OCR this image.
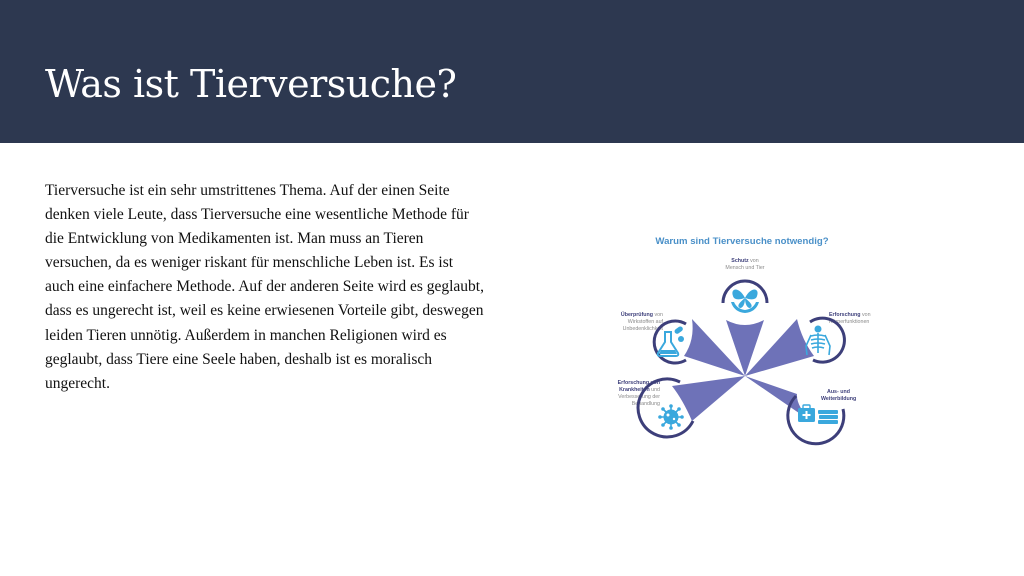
Was ist Tierversuche?

Tierversuche ist ein sehr umstrittenes Thema. Auf der einen Seite denken viele Leute, dass Tierversuche eine wesentliche Methode für die Entwicklung von Medikamenten ist. Man muss an Tieren versuchen, da es weniger riskant für menschliche Leben ist. Es ist auch eine einfachere Methode. Auf der anderen Seite wird es geglaubt, dass es ungerecht ist, weil es keine erwiesenen Vorteile gibt, deswegen leiden Tieren unnötig. Außerdem in manchen Religionen wird es geglaubt, dass Tiere eine Seele haben, deshalb ist es moralisch ungerecht.

Warum sind Tierversuche notwendig?
Schutz von
Mensch und Tier
Überprüfung von
Wirkstoffen auf
Unbedenklichkeit
Erforschung von
Körperfunktionen
Erforschung von
Krankheiten und
Verbesserung der
Behandlung
Aus- und
Weiterbildung
